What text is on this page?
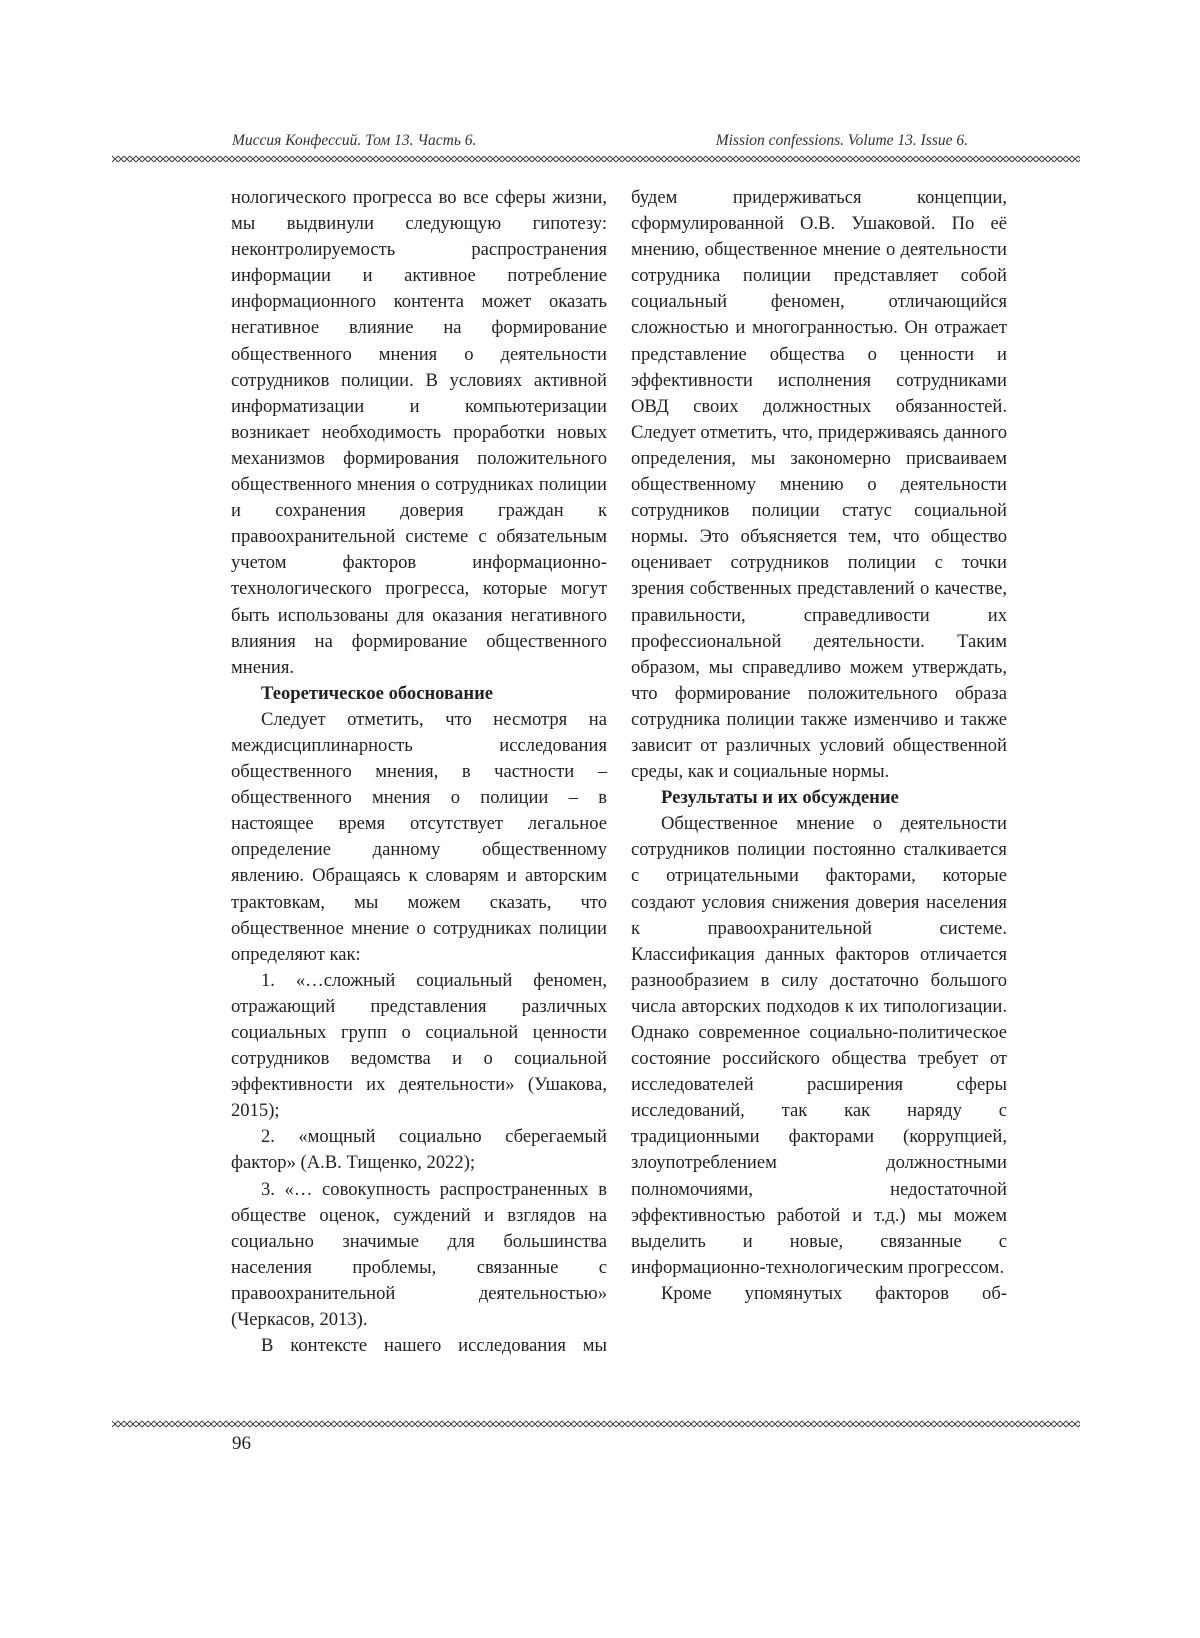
Миссия Конфессий. Том 13. Часть 6.	Mission confessions. Volume 13. Issue 6.

нологического прогресса во все сферы жизни, мы выдвинули следующую гипотезу: неконтролируемость распространения информации и активное потребление информационного контента может оказать негативное влияние на формирование общественного мнения о деятельности сотрудников полиции. В условиях активной информатизации и компьютеризации возникает необходимость проработки новых механизмов формирования положительного общественного мнения о сотрудниках полиции и сохранения доверия граждан к правоохранительной системе с обязательным учетом факторов информационно-технологического прогресса, которые могут быть использованы для оказания негативного влияния на формирование общественного мнения.

Теоретическое обоснование

Следует отметить, что несмотря на междисциплинарность исследования общественного мнения, в частности – общественного мнения о полиции – в настоящее время отсутствует легальное определение данному общественному явлению. Обращаясь к словарям и авторским трактовкам, мы можем сказать, что общественное мнение о сотрудниках полиции определяют как:

1. «…сложный социальный феномен, отражающий представления различных социальных групп о социальной ценности сотрудников ведомства и о социальной эффективности их деятельности» (Ушакова, 2015);

2. «мощный социально сберегаемый фактор» (А.В. Тищенко, 2022);

3. «… совокупность распространенных в обществе оценок, суждений и взглядов на социально значимые для большинства населения проблемы, связанные с правоохранительной деятельностью» (Черкасов, 2013).

В контексте нашего исследования мы

будем придерживаться концепции, сформулированной О.В. Ушаковой. По её мнению, общественное мнение о деятельности сотрудника полиции представляет собой социальный феномен, отличающийся сложностью и многогранностью. Он отражает представление общества о ценности и эффективности исполнения сотрудниками ОВД своих должностных обязанностей. Следует отметить, что, придерживаясь данного определения, мы закономерно присваиваем общественному мнению о деятельности сотрудников полиции статус социальной нормы. Это объясняется тем, что общество оценивает сотрудников полиции с точки зрения собственных представлений о качестве, правильности, справедливости их профессиональной деятельности. Таким образом, мы справедливо можем утверждать, что формирование положительного образа сотрудника полиции также изменчиво и также зависит от различных условий общественной среды, как и социальные нормы.

Результаты и их обсуждение

Общественное мнение о деятельности сотрудников полиции постоянно сталкивается с отрицательными факторами, которые создают условия снижения доверия населения к правоохранительной системе. Классификация данных факторов отличается разнообразием в силу достаточно большого числа авторских подходов к их типологизации. Однако современное социально-политическое состояние российского общества требует от исследователей расширения сферы исследований, так как наряду с традиционными факторами (коррупцией, злоупотреблением должностными полномочиями, недостаточной эффективностью работой и т.д.) мы можем выделить и новые, связанные с информационно-технологическим прогрессом.

Кроме упомянутых факторов об-

96
